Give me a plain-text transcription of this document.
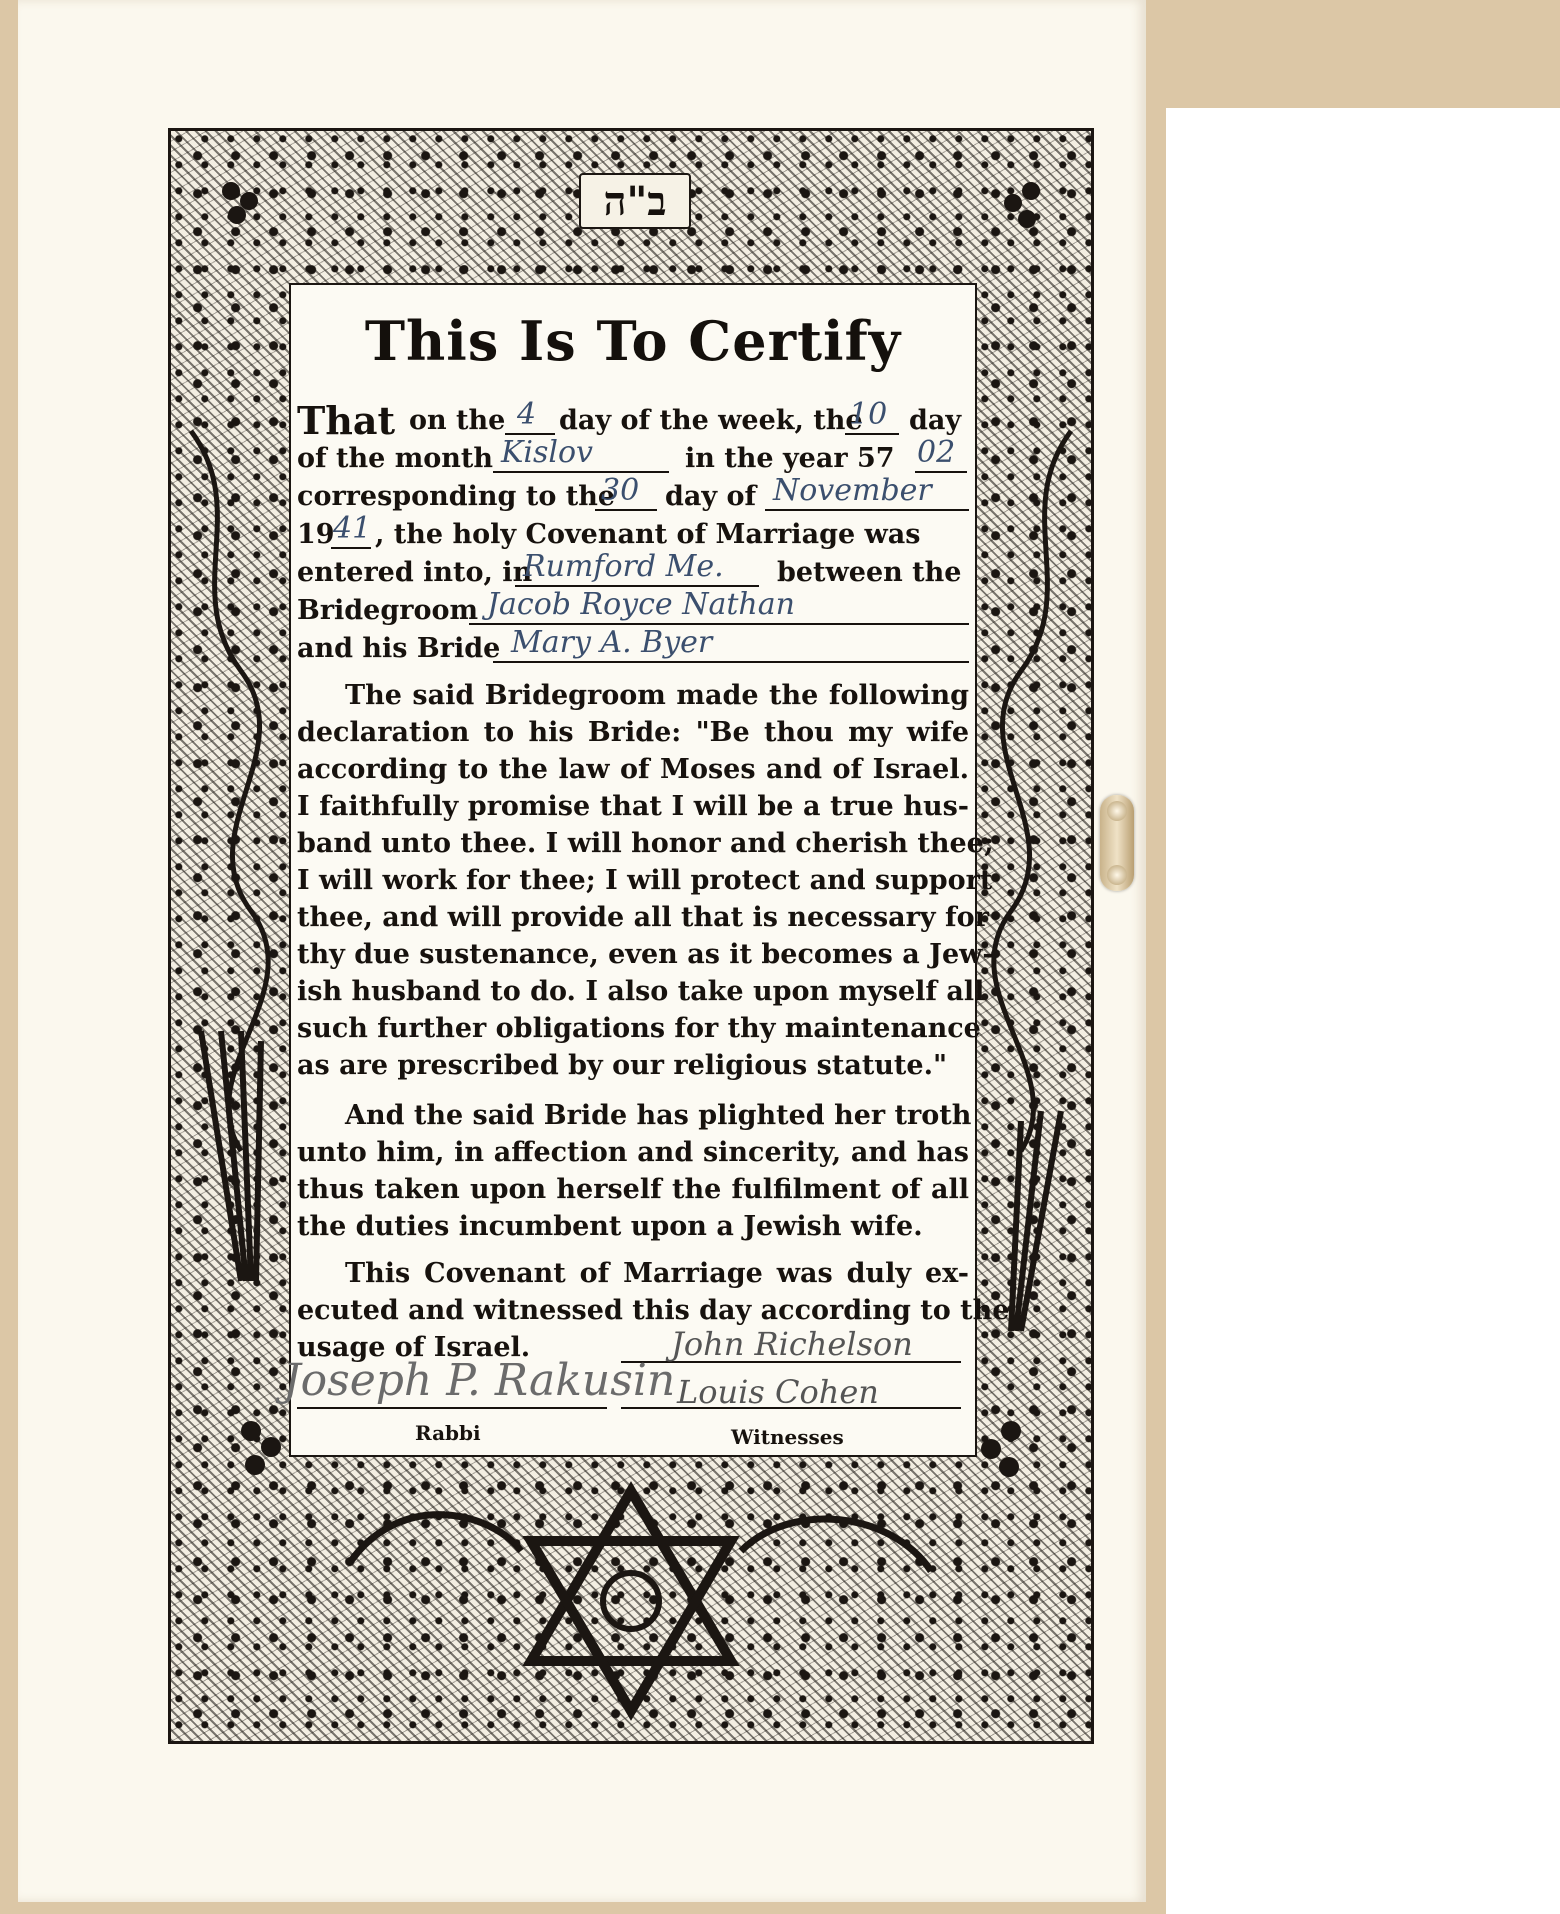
ב"ה
This Is To Certify
That on the 4 day of the week, the
10 day
of the month Kislov	in the year 57 02
corresponding to the
30 day of November
19
41 , the holy Covenant of Marriage was
entered into, in
Rumford Me. between the
Bridegroom Jacob Royce Nathan
and his Bride Mary A. Byer
The said Bridegroom made the following
declaration to his Bride: "Be thou my wife
according to the law of Moses and of Israel.
I faithfully promise that I will be a true hus-
band unto thee. I will honor and cherish thee;
I will work for thee; I will protect and support
thee, and will provide all that is necessary for
thy due sustenance, even as it becomes a Jew-
ish husband to do. I also take upon myself all
such further obligations for thy maintenance
as are prescribed by our religious statute."
And the said Bride has plighted her troth
unto him, in affection and sincerity, and has
thus taken upon herself the fulfilment of all
the duties incumbent upon a Jewish wife.
This Covenant of Marriage was duly ex-
ecuted and witnessed this day according to the
usage of Israel.	John Richelson
Joseph P. Rakusin Louis Cohen
Rabbi	Witnesses
